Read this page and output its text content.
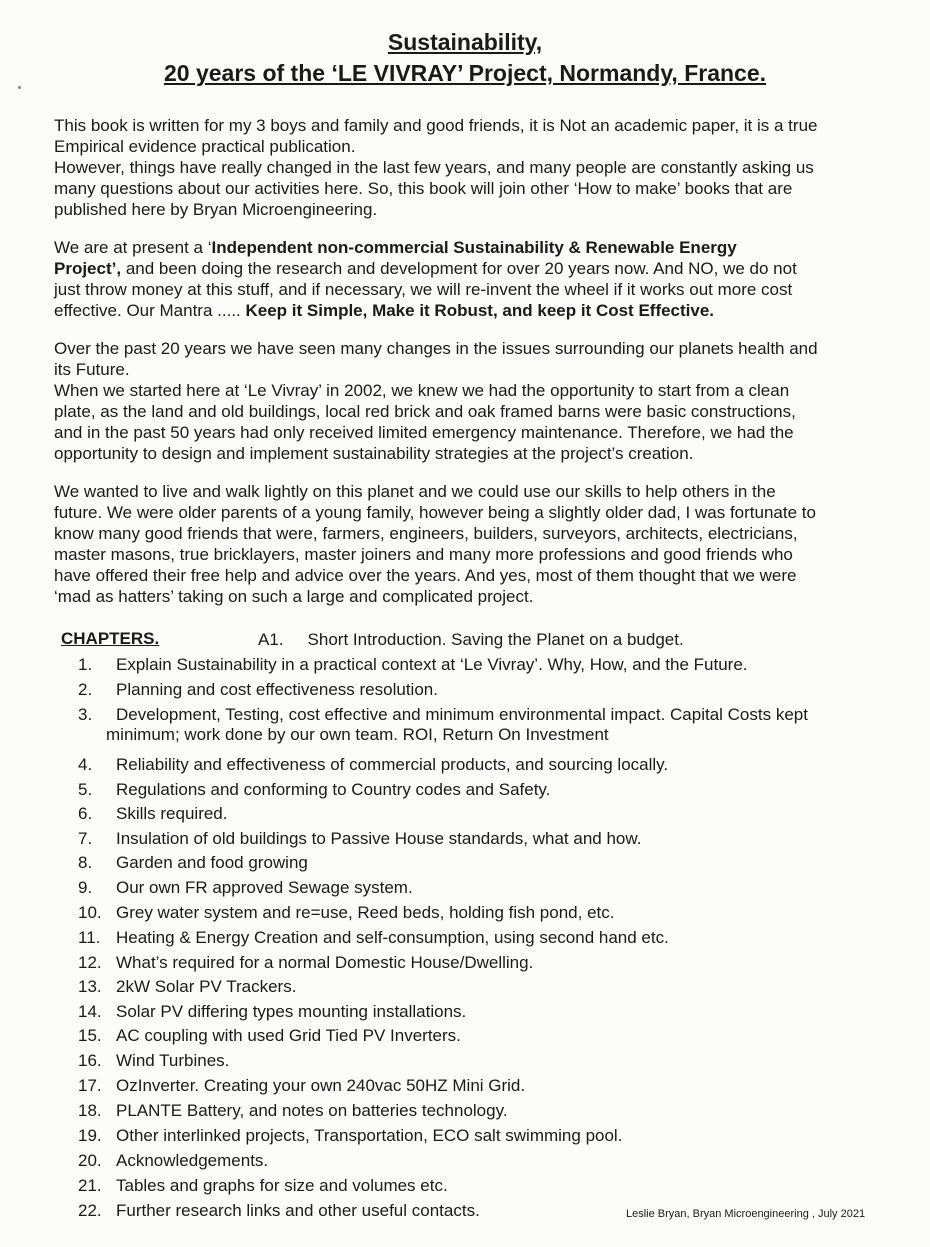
Sustainability,
20 years of the ‘LE VIVRAY’ Project, Normandy, France.
This book is written for my 3 boys and family and good friends, it is Not an academic paper, it is a true
Empirical evidence practical publication.
However, things have really changed in the last few years, and many people are constantly asking us
many questions about our activities here. So, this book will join other ‘How to make’ books that are
published here by Bryan Microengineering.
We are at present a ‘Independent non-commercial Sustainability & Renewable Energy
Project’, and been doing the research and development for over 20 years now. And NO, we do not
just throw money at this stuff, and if necessary, we will re-invent the wheel if it works out more cost
effective. Our Mantra ..... Keep it Simple, Make it Robust, and keep it Cost Effective.
Over the past 20 years we have seen many changes in the issues surrounding our planets health and
its Future.
When we started here at ‘Le Vivray’ in 2002, we knew we had the opportunity to start from a clean
plate, as the land and old buildings, local red brick and oak framed barns were basic constructions,
and in the past 50 years had only received limited emergency maintenance. Therefore, we had the
opportunity to design and implement sustainability strategies at the project’s creation.
We wanted to live and walk lightly on this planet and we could use our skills to help others in the
future. We were older parents of a young family, however being a slightly older dad, I was fortunate to
know many good friends that were, farmers, engineers, builders, surveyors, architects, electricians,
master masons, true bricklayers, master joiners and many more professions and good friends who
have offered their free help and advice over the years. And yes, most of them thought that we were
‘mad as hatters’ taking on such a large and complicated project.
CHAPTERS.	A1. Short Introduction. Saving the Planet on a budget.
1. Explain Sustainability in a practical context at ‘Le Vivray’. Why, How, and the Future.
2. Planning and cost effectiveness resolution.
3. Development, Testing, cost effective and minimum environmental impact. Capital Costs kept
minimum; work done by our own team. ROI, Return On Investment
4. Reliability and effectiveness of commercial products, and sourcing locally.
5. Regulations and conforming to Country codes and Safety.
6. Skills required.
7. Insulation of old buildings to Passive House standards, what and how.
8. Garden and food growing
9. Our own FR approved Sewage system.
10. Grey water system and re=use, Reed beds, holding fish pond, etc.
11. Heating & Energy Creation and self-consumption, using second hand etc.
12. What’s required for a normal Domestic House/Dwelling.
13. 2kW Solar PV Trackers.
14. Solar PV differing types mounting installations.
15. AC coupling with used Grid Tied PV Inverters.
16. Wind Turbines.
17. OzInverter. Creating your own 240vac 50HZ Mini Grid.
18. PLANTE Battery, and notes on batteries technology.
19. Other interlinked projects, Transportation, ECO salt swimming pool.
20. Acknowledgements.
21. Tables and graphs for size and volumes etc.
22. Further research links and other useful contacts.	Leslie Bryan, Bryan Microengineering , July 2021
